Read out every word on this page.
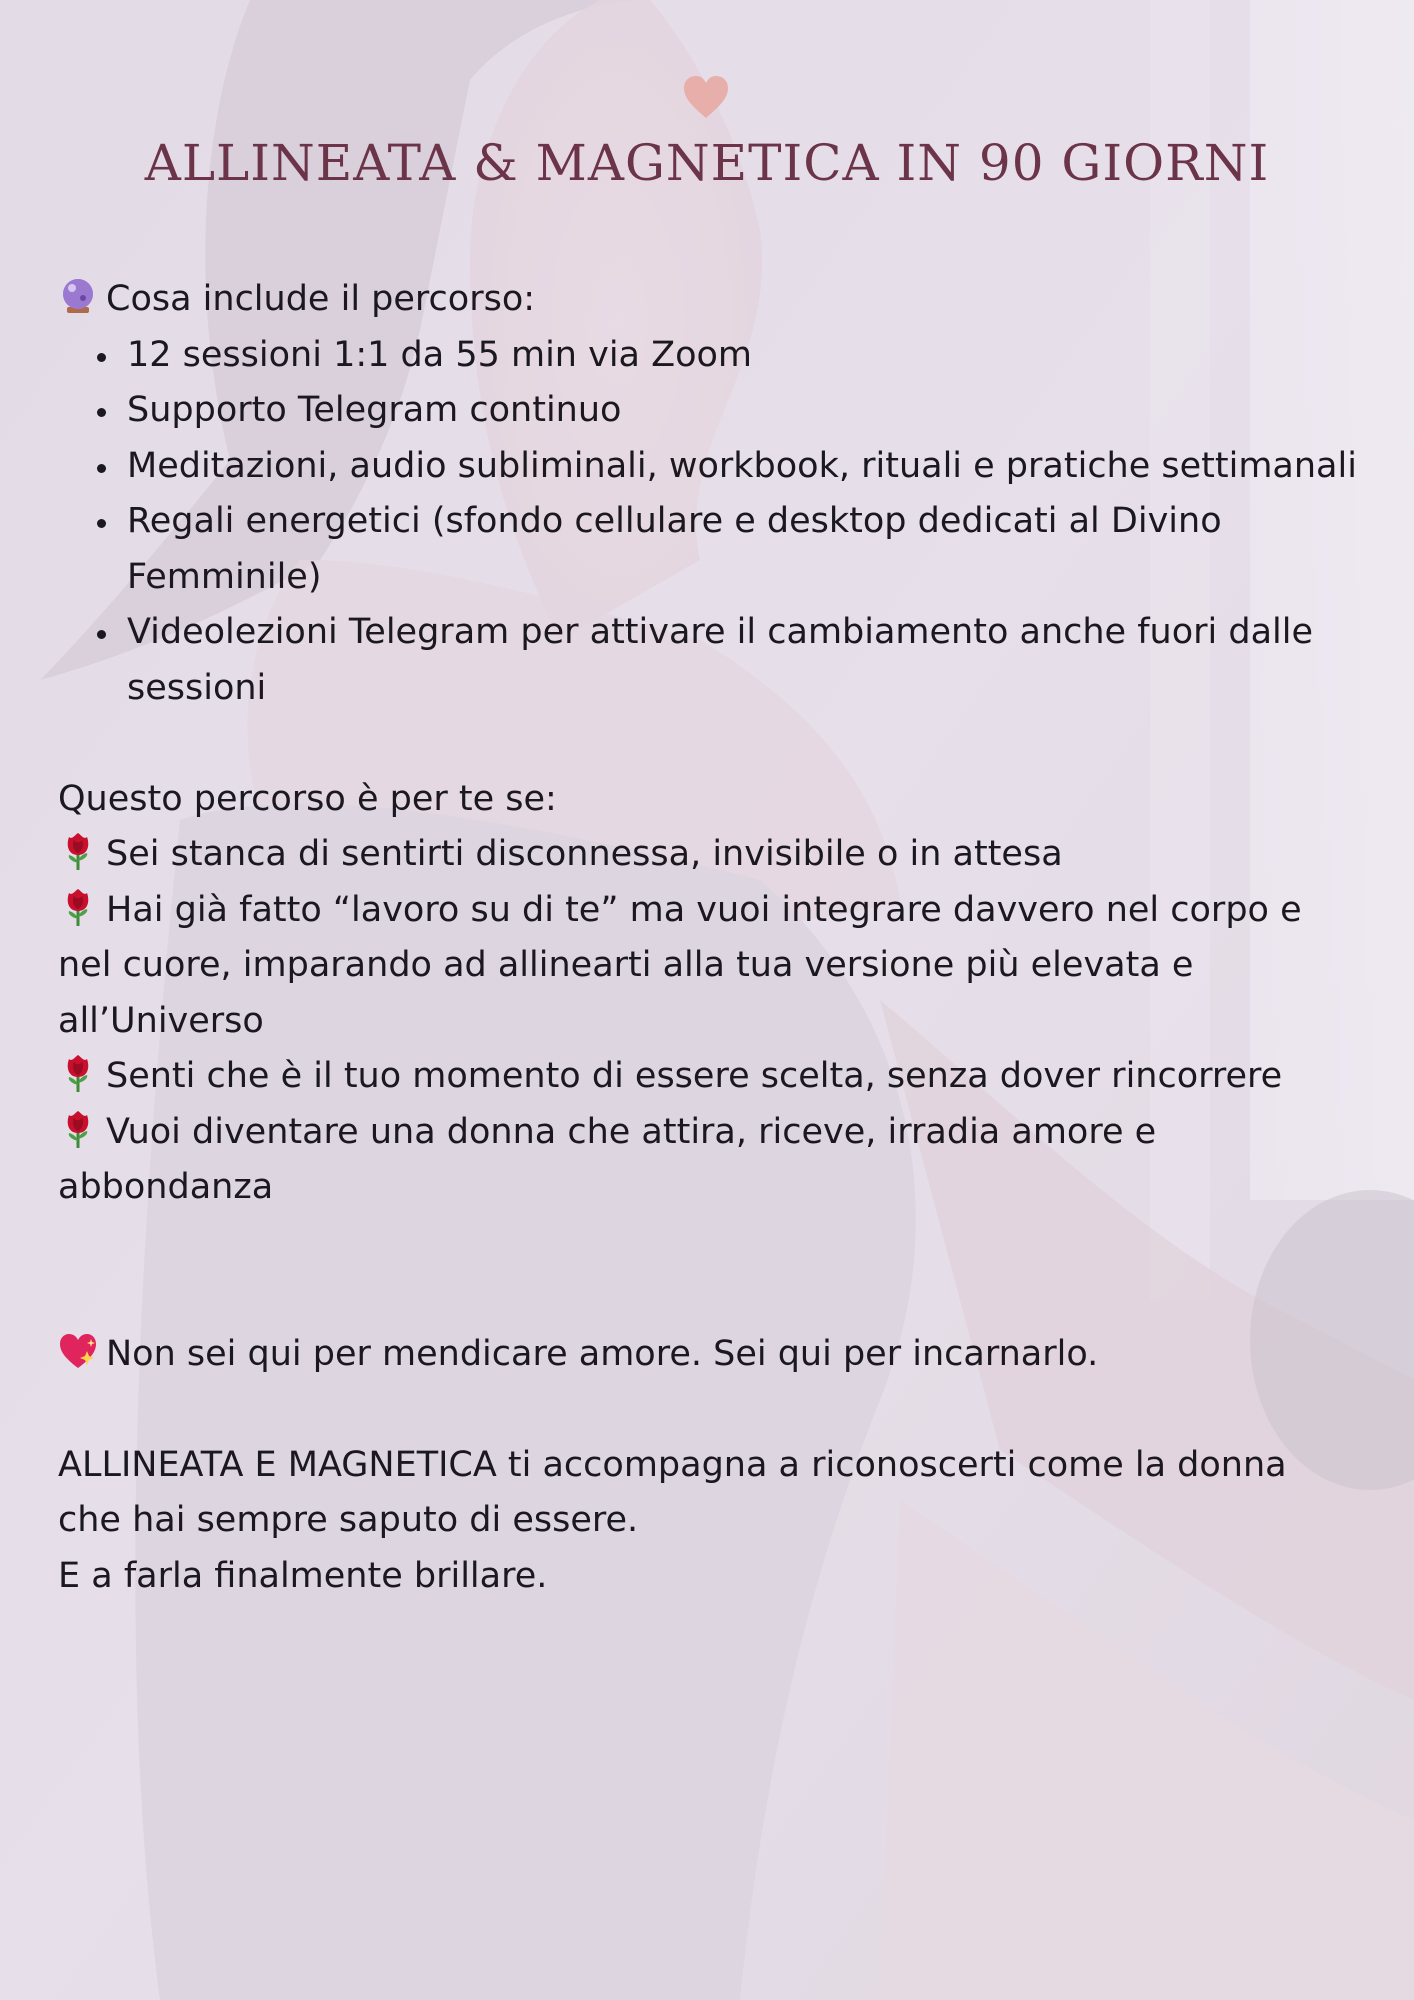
ALLINEATA & MAGNETICA IN 90 GIORNI

Cosa include il percorso:

12 sessioni 1:1 da 55 min via Zoom
Supporto Telegram continuo
Meditazioni, audio subliminali, workbook, rituali e pratiche settimanali
Regali energetici (sfondo cellulare e desktop dedicati al Divino Femminile)
Videolezioni Telegram per attivare il cambiamento anche fuori dalle sessioni

Questo percorso è per te se:

Sei stanca di sentirti disconnessa, invisibile o in attesa

Hai già fatto “lavoro su di te” ma vuoi integrare davvero nel corpo e nel cuore, imparando ad allinearti alla tua versione più elevata e all’Universo

Senti che è il tuo momento di essere scelta, senza dover rincorrere

Vuoi diventare una donna che attira, riceve, irradia amore e abbondanza

Non sei qui per mendicare amore. Sei qui per incarnarlo.

ALLINEATA E MAGNETICA ti accompagna a riconoscerti come la donna che hai sempre saputo di essere.

E a farla finalmente brillare.
